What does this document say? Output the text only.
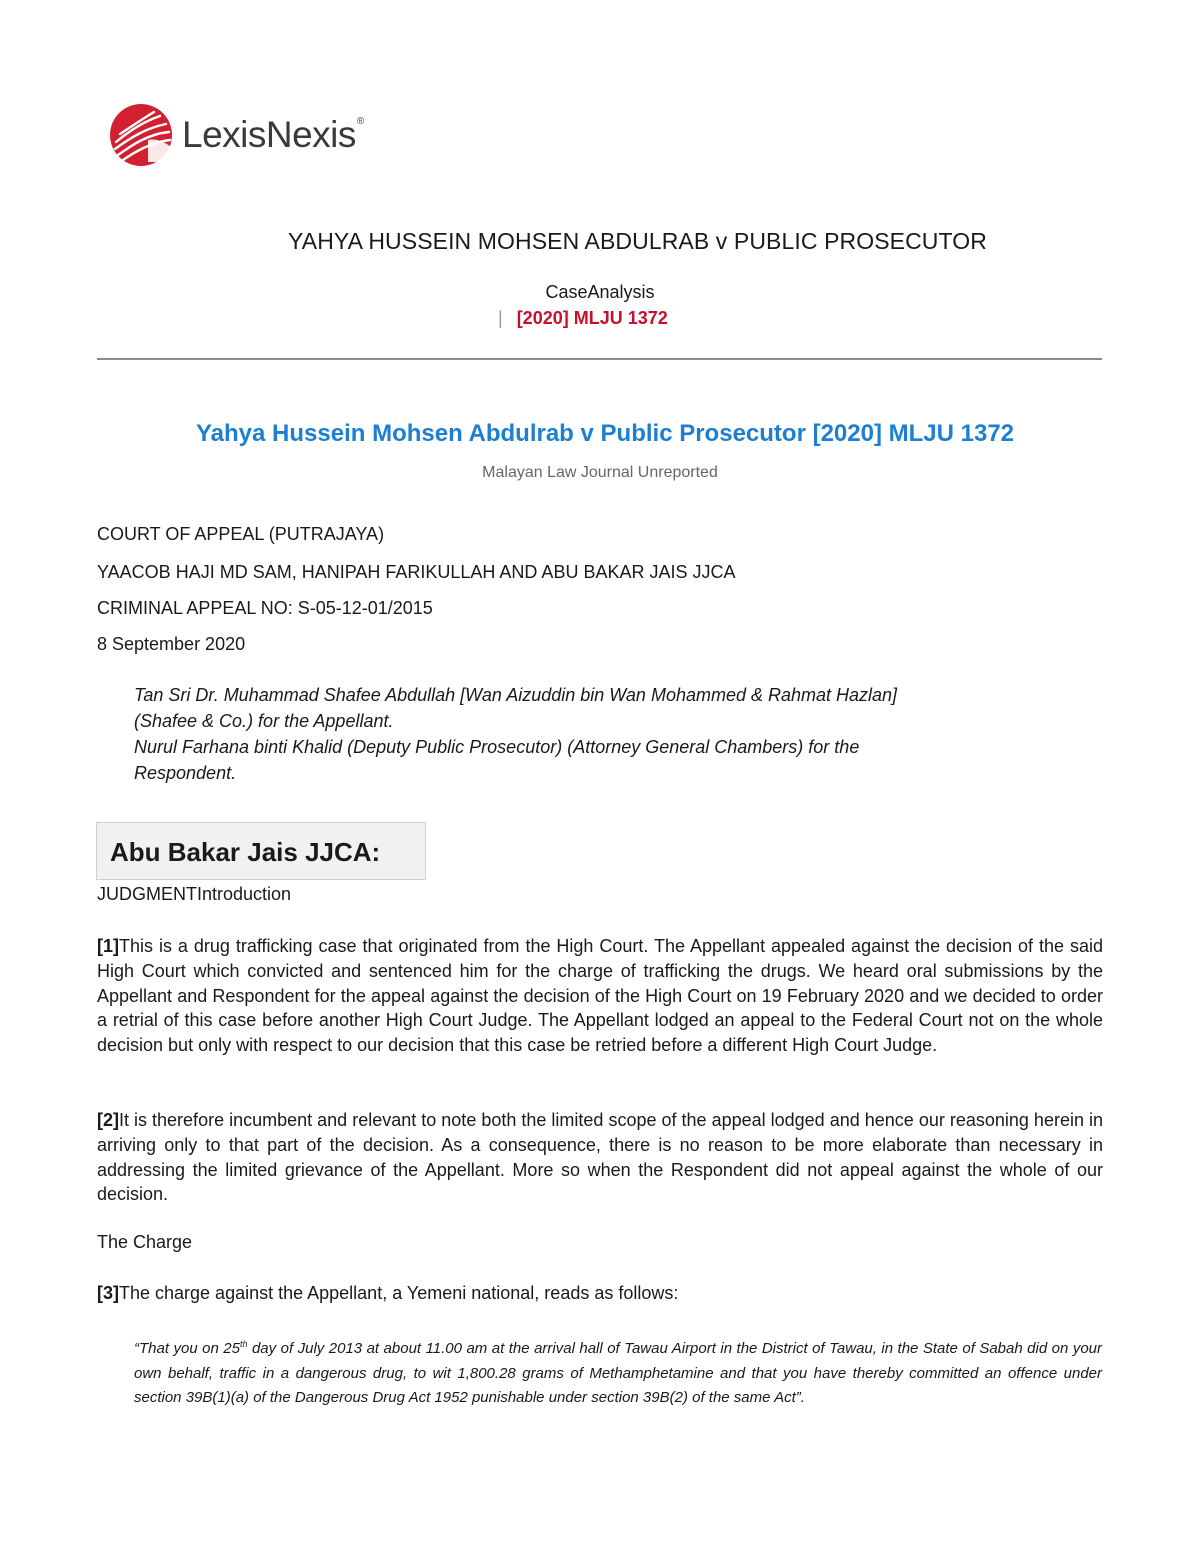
LexisNexis®
YAHYA HUSSEIN MOHSEN ABDULRAB v PUBLIC PROSECUTOR
CaseAnalysis
| [2020] MLJU 1372
Yahya Hussein Mohsen Abdulrab v Public Prosecutor [2020] MLJU 1372
Malayan Law Journal Unreported
COURT OF APPEAL (PUTRAJAYA)
YAACOB HAJI MD SAM, HANIPAH FARIKULLAH AND ABU BAKAR JAIS JJCA
CRIMINAL APPEAL NO: S-05-12-01/2015
8 September 2020
Tan Sri Dr. Muhammad Shafee Abdullah [Wan Aizuddin bin Wan Mohammed & Rahmat Hazlan]
(Shafee & Co.) for the Appellant.
Nurul Farhana binti Khalid (Deputy Public Prosecutor) (Attorney General Chambers) for the
Respondent.
Abu Bakar Jais JJCA:
JUDGMENTIntroduction
[1]This is a drug trafficking case that originated from the High Court. The Appellant appealed against the decision of the said High Court which convicted and sentenced him for the charge of trafficking the drugs. We heard oral submissions by the Appellant and Respondent for the appeal against the decision of the High Court on 19 February 2020 and we decided to order a retrial of this case before another High Court Judge. The Appellant lodged an appeal to the Federal Court not on the whole decision but only with respect to our decision that this case be retried before a different High Court Judge.
[2]It is therefore incumbent and relevant to note both the limited scope of the appeal lodged and hence our reasoning herein in arriving only to that part of the decision. As a consequence, there is no reason to be more elaborate than necessary in addressing the limited grievance of the Appellant. More so when the Respondent did not appeal against the whole of our decision.
The Charge
[3]The charge against the Appellant, a Yemeni national, reads as follows:
“That you on 25th day of July 2013 at about 11.00 am at the arrival hall of Tawau Airport in the District of Tawau, in the State of Sabah did on your own behalf, traffic in a dangerous drug, to wit 1,800.28 grams of Methamphetamine and that you have thereby committed an offence under section 39B(1)(a) of the Dangerous Drug Act 1952 punishable under section 39B(2) of the same Act”.
